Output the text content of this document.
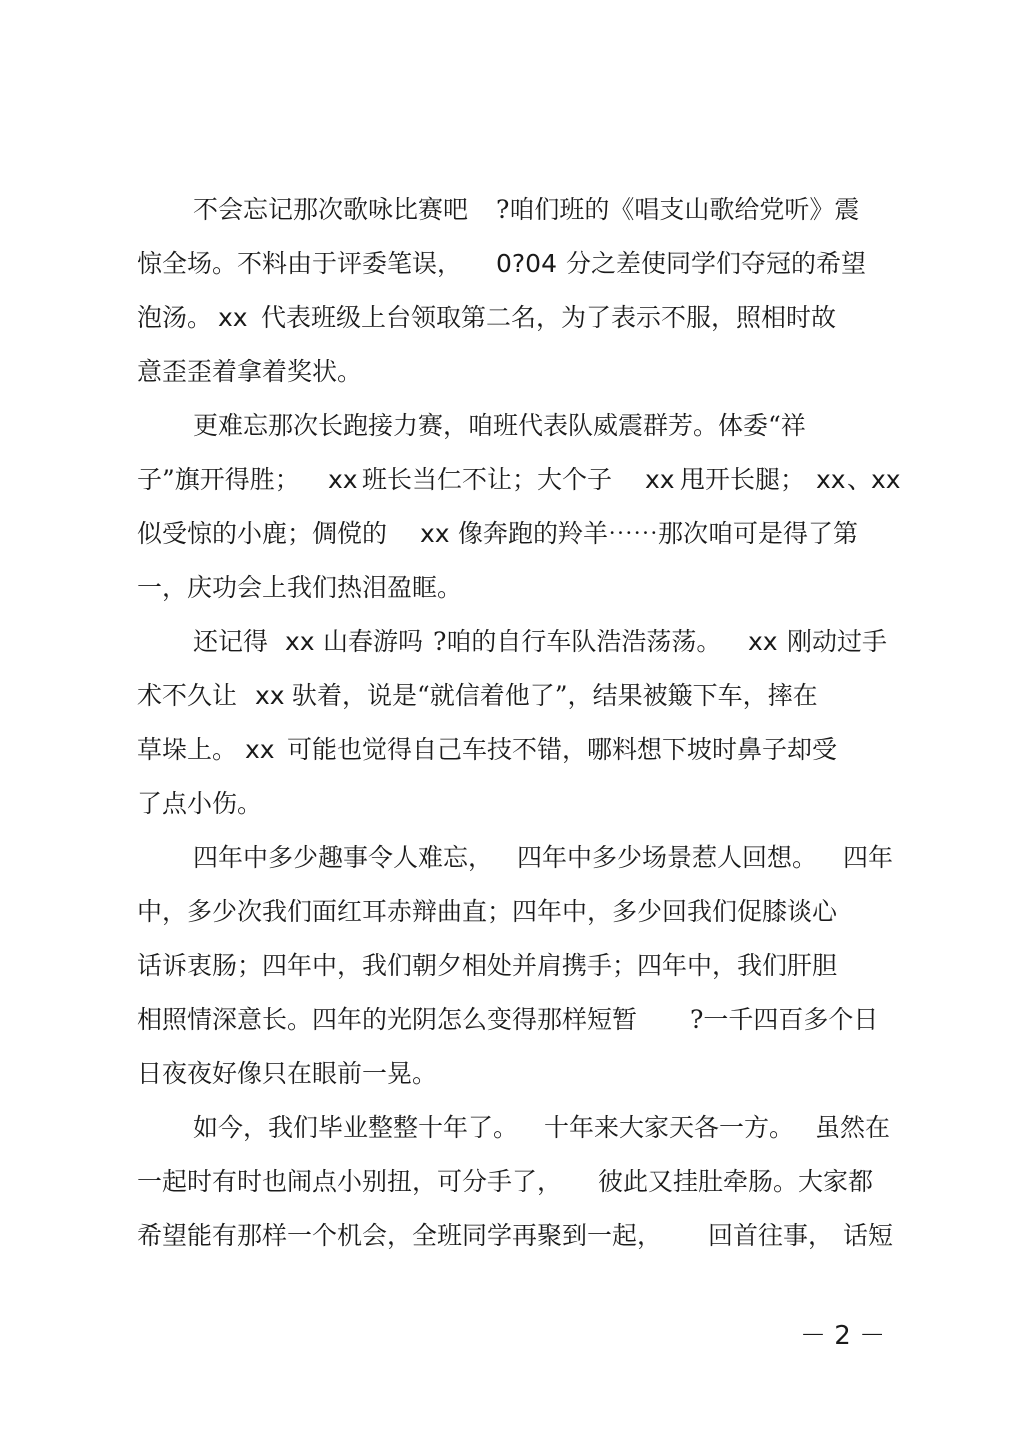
不会忘记那次歌咏比赛吧

?咱们班的《唱支山歌给党听》震

惊全场。不料由于评委笔误，

0?04

分之差使同学们夺冠的希望

泡汤。

xx

代表班级上台领取第二名，为了表示不服，照相时故

意歪歪着拿着奖状。

更难忘那次长跑接力赛，咱班代表队威震群芳。体委“祥

子”旗开得胜；

xx

班长当仁不让；大个子

xx

甩开长腿；

xx

、

xx

似受惊的小鹿；倜傥的

xx

像奔跑的羚羊⋯⋯那次咱可是得了第

一，庆功会上我们热泪盈眶。

还记得

xx

山春游吗

?咱的自行车队浩浩荡荡。

xx

刚动过手

术不久让

xx

驮着，说是“就信着他了”，结果被簸下车，摔在

草垛上。

xx

可能也觉得自己车技不错，哪料想下坡时鼻子却受

了点小伤。

四年中多少趣事令人难忘，

四年中多少场景惹人回想。

四年

中，多少次我们面红耳赤辩曲直；四年中，多少回我们促膝谈心

话诉衷肠；四年中，我们朝夕相处并肩携手；四年中，我们肝胆

相照情深意长。四年的光阴怎么变得那样短暂

?一千四百多个日

日夜夜好像只在眼前一晃。

如今，我们毕业整整十年了。

十年来大家天各一方。

虽然在

一起时有时也闹点小别扭，可分手了，

彼此又挂肚牵肠。大家都

希望能有那样一个机会，全班同学再聚到一起，

回首往事，

话短

－ 2 －
